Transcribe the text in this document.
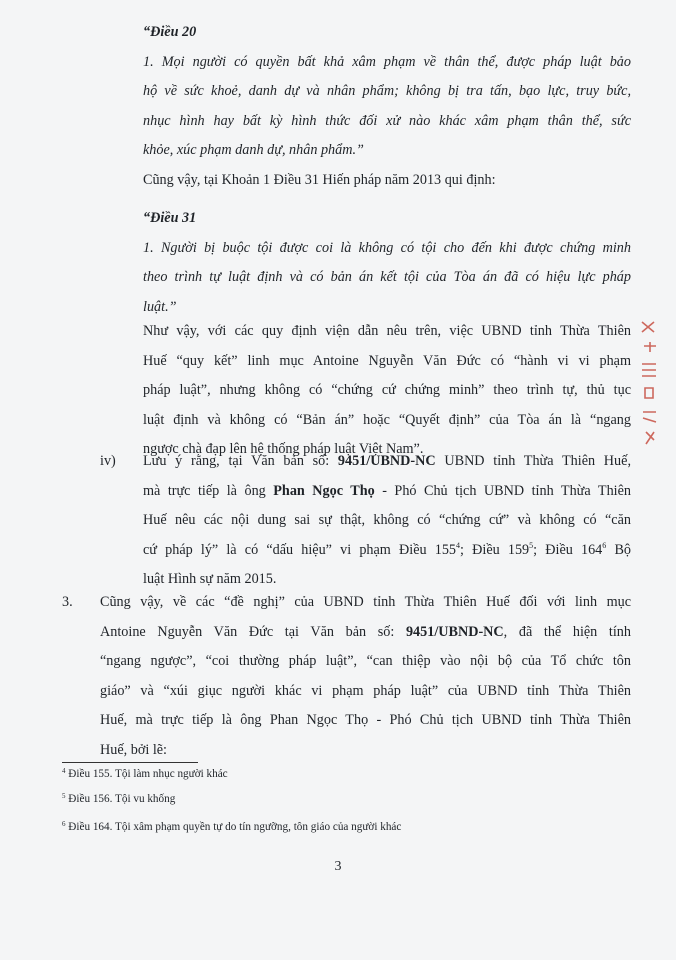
“Điều 20
1. Mọi người có quyền bất khả xâm phạm về thân thể, được pháp luật bảo
hộ về sức khoẻ, danh dự và nhân phẩm; không bị tra tấn, bạo lực, truy bức,
nhục hình hay bất kỳ hình thức đối xử nào khác xâm phạm thân thể, sức
khỏe, xúc phạm danh dự, nhân phẩm.”
Cũng vậy, tại Khoản 1 Điều 31 Hiến pháp năm 2013 qui định:
“Điều 31
1. Người bị buộc tội được coi là không có tội cho đến khi được chứng minh
theo trình tự luật định và có bản án kết tội của Tòa án đã có hiệu lực pháp
luật.”
Như vậy, với các quy định viện dẫn nêu trên, việc UBND tỉnh Thừa Thiên
Huế “quy kết” linh mục Antoine Nguyễn Văn Đức có “hành vi vi phạm
pháp luật”, nhưng không có “chứng cứ chứng minh” theo trình tự, thủ tục
luật định và không có “Bản án” hoặc “Quyết định” của Tòa án là “ngang
ngược chà đạp lên hệ thống pháp luật Việt Nam”.
iv)	Lưu ý rằng, tại Văn bản số: 9451/UBND-NC UBND tỉnh Thừa Thiên Huế,
mà trực tiếp là ông Phan Ngọc Thọ - Phó Chủ tịch UBND tỉnh Thừa Thiên
Huế nêu các nội dung sai sự thật, không có “chứng cứ” và không có “căn
cứ pháp lý” là có “dấu hiệu” vi phạm Điều $155^4$; Điều $159^5$; Điều $164^6$ Bộ
luật Hình sự năm 2015.
3.	Cũng vậy, về các “đề nghị” của UBND tỉnh Thừa Thiên Huế đối với linh mục
Antoine Nguyễn Văn Đức tại Văn bản số: 9451/UBND-NC, đã thể hiện tính
“ngang ngược”, “coi thường pháp luật”, “can thiệp vào nội bộ của Tổ chức tôn
giáo” và “xúi giục người khác vi phạm pháp luật” của UBND tỉnh Thừa Thiên
Huế, mà trực tiếp là ông Phan Ngọc Thọ - Phó Chủ tịch UBND tỉnh Thừa Thiên
Huế, bởi lẽ:
$^4$ Điều 155. Tội làm nhục người khác
$^5$ Điều 156. Tội vu khống
$^6$ Điều 164. Tội xâm phạm quyền tự do tín ngưỡng, tôn giáo của người khác
3
